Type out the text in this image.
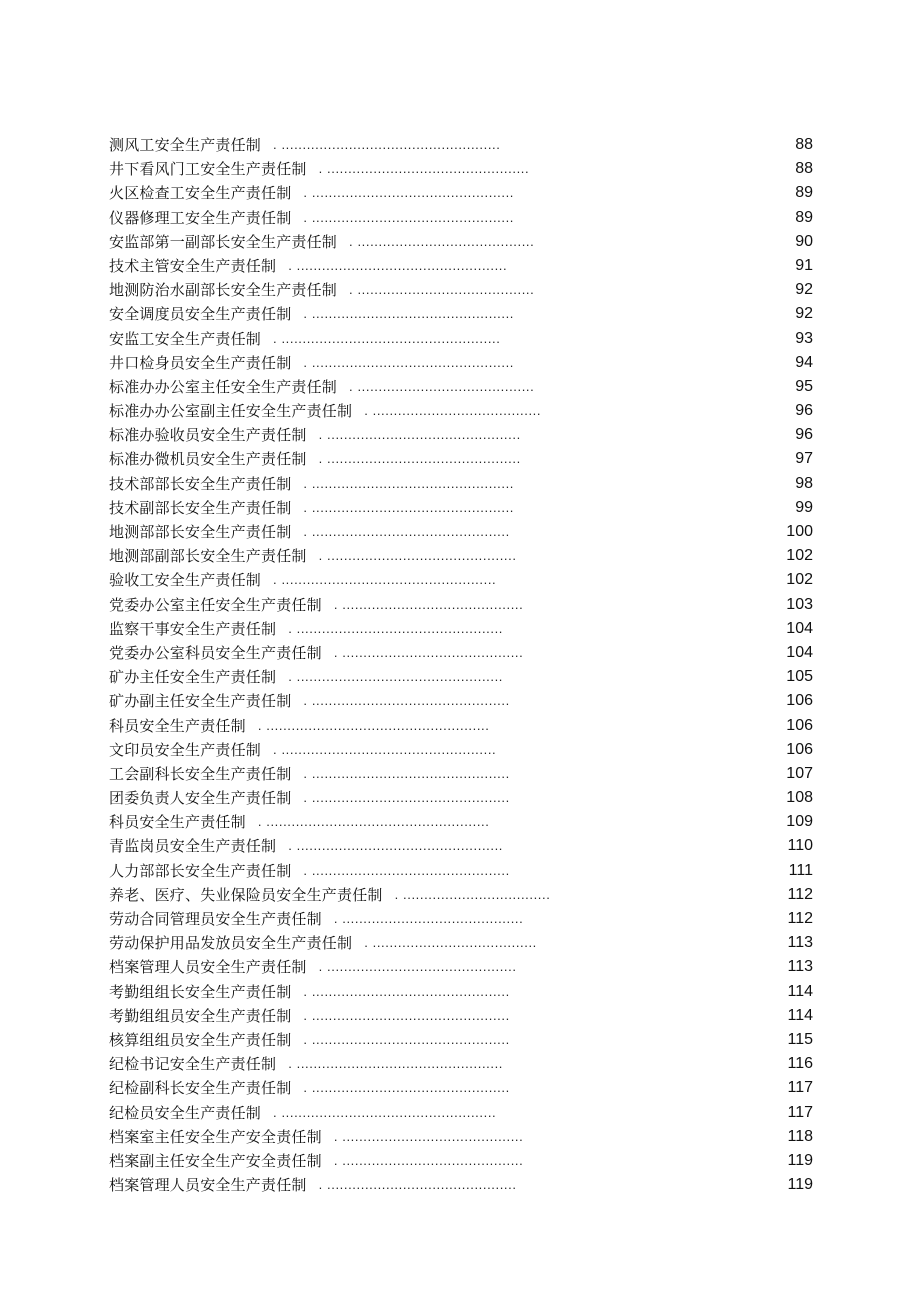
测风工安全生产责任制 . ....................................................	88
井下看风门工安全生产责任制 . ................................................	88
火区检查工安全生产责任制 . ................................................	89
仪器修理工安全生产责任制 . ................................................	89
安监部第一副部长安全生产责任制 . ..........................................	90
技术主管安全生产责任制 . ..................................................	91
地测防治水副部长安全生产责任制 . ..........................................	92
安全调度员安全生产责任制 . ................................................	92
安监工安全生产责任制 . ....................................................	93
井口检身员安全生产责任制 . ................................................	94
标准办办公室主任安全生产责任制 . ..........................................	95
标准办办公室副主任安全生产责任制 . ........................................	96
标准办验收员安全生产责任制 . ..............................................	96
标准办微机员安全生产责任制 . ..............................................	97
技术部部长安全生产责任制 . ................................................	98
技术副部长安全生产责任制 . ................................................	99
地测部部长安全生产责任制 . ...............................................	100
地测部副部长安全生产责任制 . .............................................	102
验收工安全生产责任制 . ...................................................	102
党委办公室主任安全生产责任制 . ...........................................	103
监察干事安全生产责任制 . .................................................	104
党委办公室科员安全生产责任制 . ...........................................	104
矿办主任安全生产责任制 . .................................................	105
矿办副主任安全生产责任制 . ...............................................	106
科员安全生产责任制 . .....................................................	106
文印员安全生产责任制 . ...................................................	106
工会副科长安全生产责任制 . ...............................................	107
团委负责人安全生产责任制 . ...............................................	108
科员安全生产责任制 . .....................................................	109
青监岗员安全生产责任制 . .................................................	110
人力部部长安全生产责任制 . ...............................................	111
养老、医疗、失业保险员安全生产责任制 . ...................................	112
劳动合同管理员安全生产责任制 . ...........................................	112
劳动保护用品发放员安全生产责任制 . .......................................	113
档案管理人员安全生产责任制 . .............................................	113
考勤组组长安全生产责任制 . ...............................................	114
考勤组组员安全生产责任制 . ...............................................	114
核算组组员安全生产责任制 . ...............................................	115
纪检书记安全生产责任制 . .................................................	116
纪检副科长安全生产责任制 . ...............................................	117
纪检员安全生产责任制 . ...................................................	117
档案室主任安全生产安全责任制 . ...........................................	118
档案副主任安全生产安全责任制 . ...........................................	119
档案管理人员安全生产责任制 . .............................................	119
